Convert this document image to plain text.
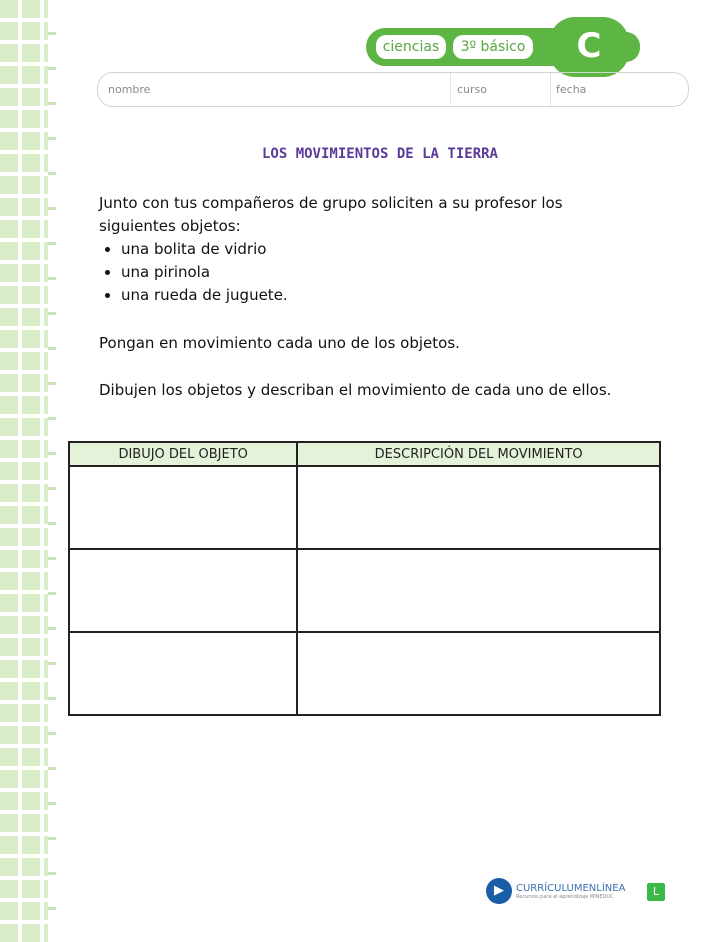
ciencias	3º básico	C
nombre	curso	fecha
LOS MOVIMIENTOS DE LA TIERRA
Junto con tus compañeros de grupo soliciten a su profesor los siguientes objetos:
• una bolita de vidrio
• una pirinola
• una rueda de juguete.
Pongan en movimiento cada uno de los objetos.
Dibujen los objetos y describan el movimiento de cada uno de ellos.
DIBUJO DEL OBJETO	DESCRIPCIÓN DEL MOVIMIENTO

▶	CURRÍCULUMENLÍNEA
Recursos para el aprendizaje MINEDUC	L
